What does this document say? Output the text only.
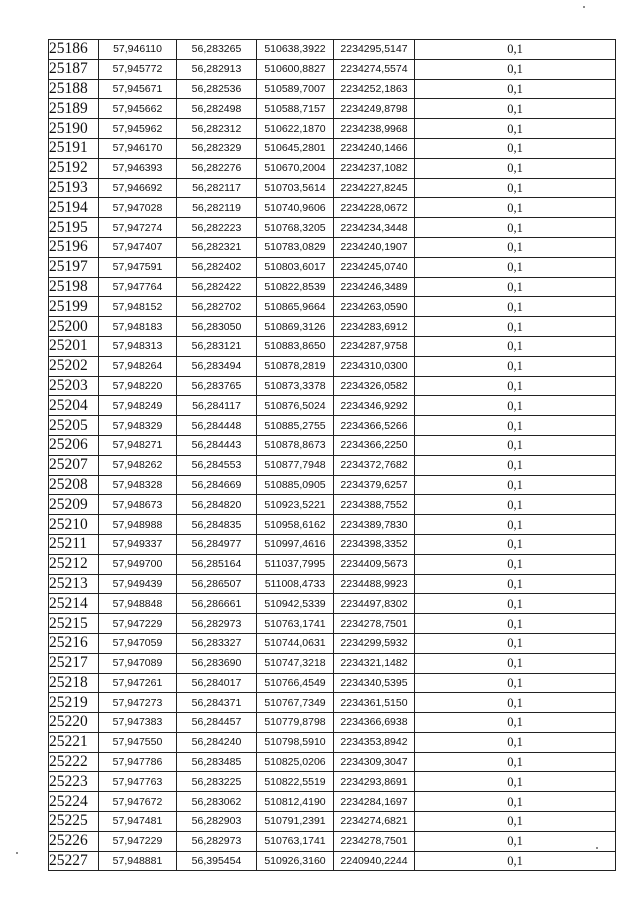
25186	57,946110	56,283265	510638,3922	2234295,5147	0,1
25187	57,945772	56,282913	510600,8827	2234274,5574	0,1
25188	57,945671	56,282536	510589,7007	2234252,1863	0,1
25189	57,945662	56,282498	510588,7157	2234249,8798	0,1
25190	57,945962	56,282312	510622,1870	2234238,9968	0,1
25191	57,946170	56,282329	510645,2801	2234240,1466	0,1
25192	57,946393	56,282276	510670,2004	2234237,1082	0,1
25193	57,946692	56,282117	510703,5614	2234227,8245	0,1
25194	57,947028	56,282119	510740,9606	2234228,0672	0,1
25195	57,947274	56,282223	510768,3205	2234234,3448	0,1
25196	57,947407	56,282321	510783,0829	2234240,1907	0,1
25197	57,947591	56,282402	510803,6017	2234245,0740	0,1
25198	57,947764	56,282422	510822,8539	2234246,3489	0,1
25199	57,948152	56,282702	510865,9664	2234263,0590	0,1
25200	57,948183	56,283050	510869,3126	2234283,6912	0,1
25201	57,948313	56,283121	510883,8650	2234287,9758	0,1
25202	57,948264	56,283494	510878,2819	2234310,0300	0,1
25203	57,948220	56,283765	510873,3378	2234326,0582	0,1
25204	57,948249	56,284117	510876,5024	2234346,9292	0,1
25205	57,948329	56,284448	510885,2755	2234366,5266	0,1
25206	57,948271	56,284443	510878,8673	2234366,2250	0,1
25207	57,948262	56,284553	510877,7948	2234372,7682	0,1
25208	57,948328	56,284669	510885,0905	2234379,6257	0,1
25209	57,948673	56,284820	510923,5221	2234388,7552	0,1
25210	57,948988	56,284835	510958,6162	2234389,7830	0,1
25211	57,949337	56,284977	510997,4616	2234398,3352	0,1
25212	57,949700	56,285164	511037,7995	2234409,5673	0,1
25213	57,949439	56,286507	511008,4733	2234488,9923	0,1
25214	57,948848	56,286661	510942,5339	2234497,8302	0,1
25215	57,947229	56,282973	510763,1741	2234278,7501	0,1
25216	57,947059	56,283327	510744,0631	2234299,5932	0,1
25217	57,947089	56,283690	510747,3218	2234321,1482	0,1
25218	57,947261	56,284017	510766,4549	2234340,5395	0,1
25219	57,947273	56,284371	510767,7349	2234361,5150	0,1
25220	57,947383	56,284457	510779,8798	2234366,6938	0,1
25221	57,947550	56,284240	510798,5910	2234353,8942	0,1
25222	57,947786	56,283485	510825,0206	2234309,3047	0,1
25223	57,947763	56,283225	510822,5519	2234293,8691	0,1
25224	57,947672	56,283062	510812,4190	2234284,1697	0,1
25225	57,947481	56,282903	510791,2391	2234274,6821	0,1
25226	57,947229	56,282973	510763,1741	2234278,7501	0,1
25227	57,948881	56,395454	510926,3160	2240940,2244	0,1
